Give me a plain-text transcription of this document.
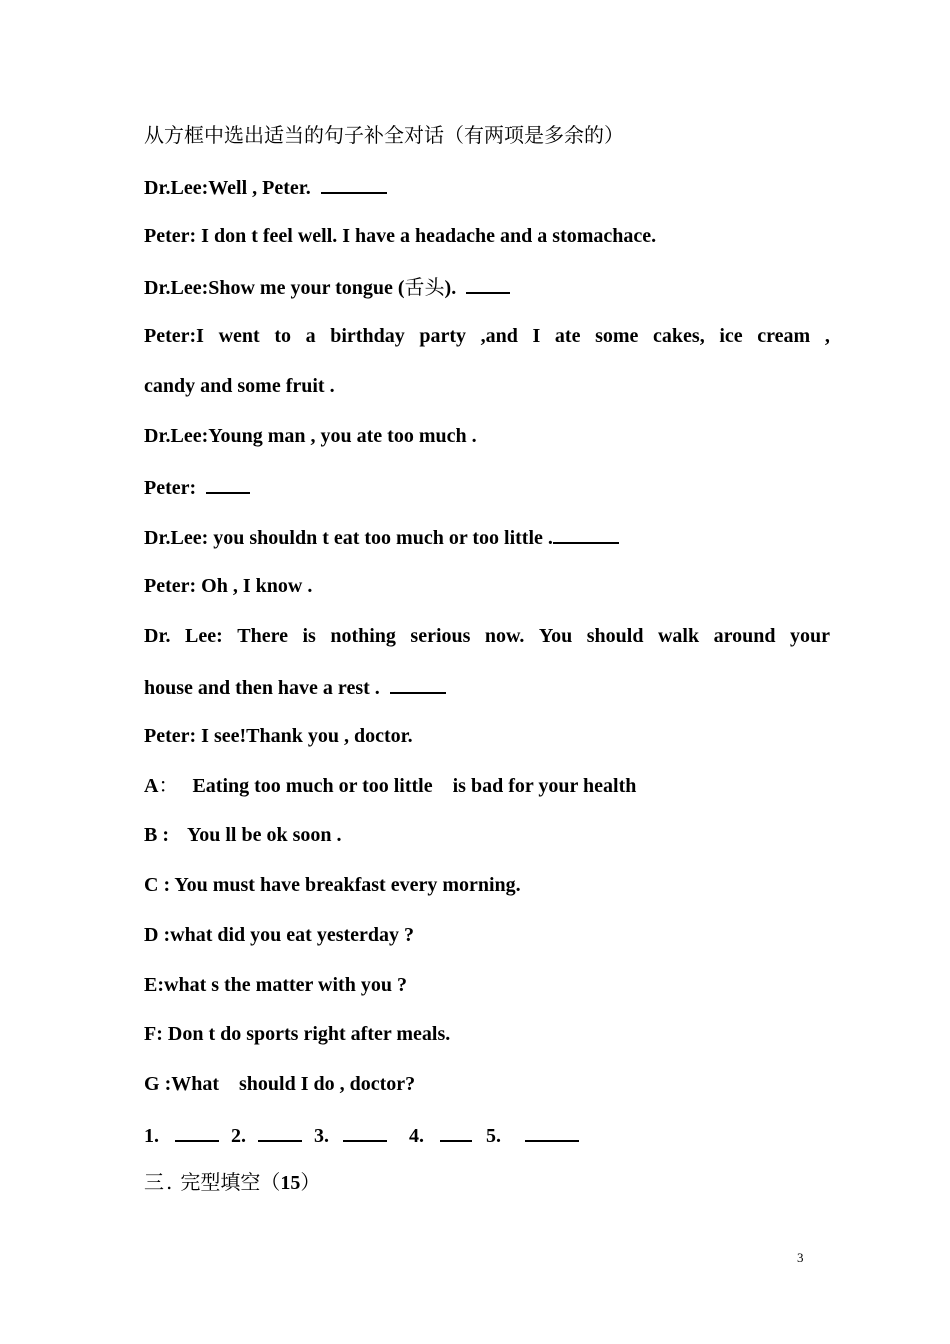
从方框中选出适当的句子补全对话（有两项是多余的）
Dr.Lee:Well , Peter.
Peter: I don t feel well. I have a headache and a stomachace.
Dr.Lee:Show me your tongue (舌头).
Peter:I went to a birthday party ,and I ate some cakes, ice cream ,
candy and some fruit .
Dr.Lee:Young man , you ate too much .
Peter:
Dr.Lee: you shouldn t eat too much or too little .
Peter: Oh , I know .
Dr. Lee: There is nothing serious now. You should walk around your
house and then have a rest .
Peter: I see!Thank you , doctor.
A： Eating too much or too little    is bad for your health
B : You ll be ok soon .
C : You must have breakfast every morning.
D :what did you eat yesterday ?
E:what s the matter with you ?
F: Don t do sports right after meals.
G :What    should I do , doctor?
1.	2.	3.	4.	5.
三 . 完型填空（15）
3
